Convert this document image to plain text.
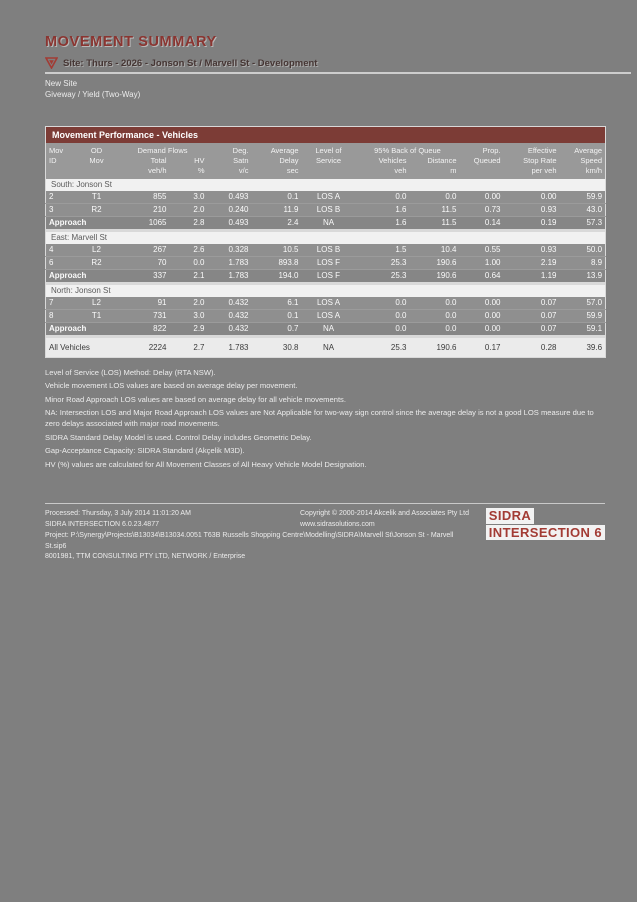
MOVEMENT SUMMARY
Site: Thurs - 2026 - Jonson St / Marvell St - Development
New Site
Giveway / Yield (Two-Way)
Movement Performance - Vehicles											
Mov	OD	Demand Flows		Deg.	Average	Level of	95% Back of Queue		Prop.	Effective	Average
ID	Mov	Total	HV	Satn	Delay	Service	Vehicles	Distance	Queued	Stop Rate	Speed
		veh/h	%	v/c	sec		veh	m		per veh	km/h
South: Jonson St											
2	T1	855	3.0	0.493	0.1	LOS A	0.0	0.0	0.00	0.00	59.9
3	R2	210	2.0	0.240	11.9	LOS B	1.6	11.5	0.73	0.93	43.0
Approach		1065	2.8	0.493	2.4	NA	1.6	11.5	0.14	0.19	57.3
East: Marvell St											
4	L2	267	2.6	0.328	10.5	LOS B	1.5	10.4	0.55	0.93	50.0
6	R2	70	0.0	1.783	893.8	LOS F	25.3	190.6	1.00	2.19	8.9
Approach		337	2.1	1.783	194.0	LOS F	25.3	190.6	0.64	1.19	13.9
North: Jonson St											
7	L2	91	2.0	0.432	6.1	LOS A	0.0	0.0	0.00	0.07	57.0
8	T1	731	3.0	0.432	0.1	LOS A	0.0	0.0	0.00	0.07	59.9
Approach		822	2.9	0.432	0.7	NA	0.0	0.0	0.00	0.07	59.1
All Vehicles		2224	2.7	1.783	30.8	NA	25.3	190.6	0.17	0.28	39.6
Level of Service (LOS) Method: Delay (RTA NSW).
Vehicle movement LOS values are based on average delay per movement.
Minor Road Approach LOS values are based on average delay for all vehicle movements.
NA: Intersection LOS and Major Road Approach LOS values are Not Applicable for two-way sign control since the average delay is not a good LOS measure due to zero delays associated with major road movements.
SIDRA Standard Delay Model is used. Control Delay includes Geometric Delay.
Gap-Acceptance Capacity: SIDRA Standard (Akçelik M3D).
HV (%) values are calculated for All Movement Classes of All Heavy Vehicle Model Designation.
Processed: Thursday, 3 July 2014 11:01:20 AM
SIDRA INTERSECTION 6.0.23.4877
Project: P:\Synergy\Projects\B13034\B13034.0051 T63B Russells Shopping Centre\Modelling\SIDRA\Marvell St\Jonson St - Marvell St.sip6
8001981, TTM CONSULTING PTY LTD, NETWORK / Enterprise
Copyright © 2000-2014 Akcelik and Associates Pty Ltd
www.sidrasolutions.com
SIDRA
INTERSECTION 6
